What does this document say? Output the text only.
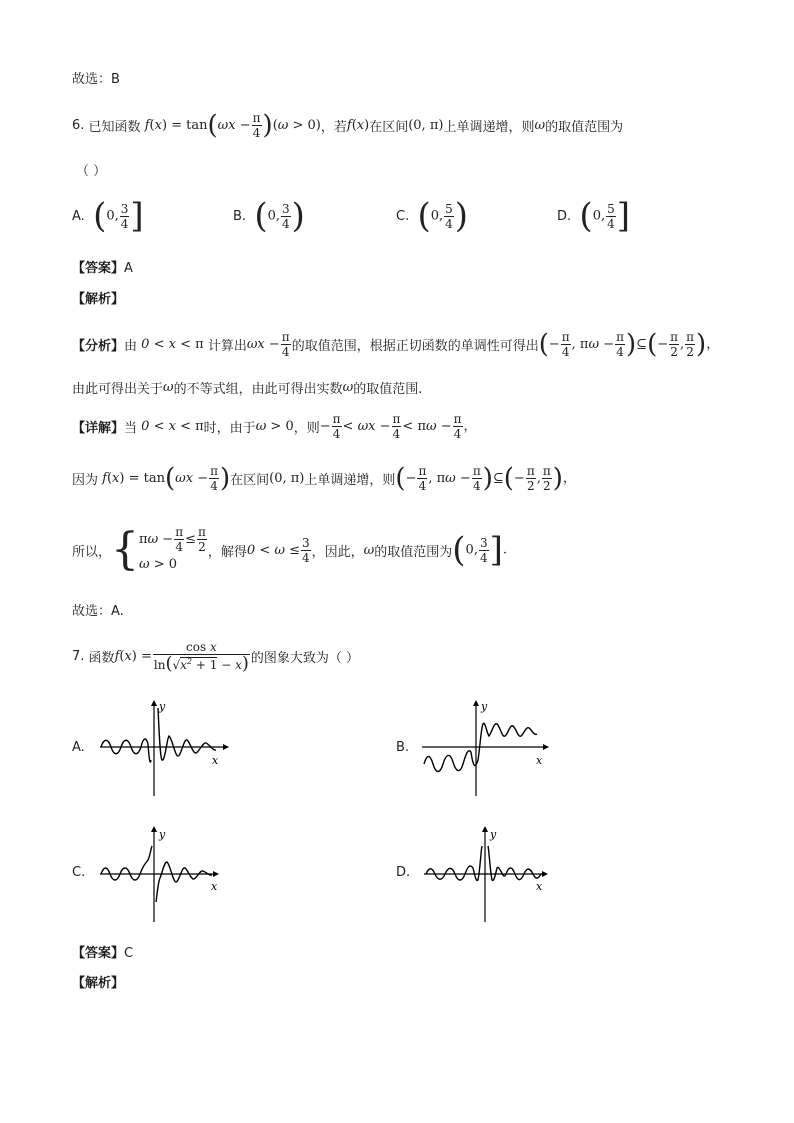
故选：B
6.
已知函数 $f(x) = \tan(\omega x - \frac{\pi}{4} )(\omega > 0)$ ，若 f(x) 在区间 (0, π) 上单调递增，则 ω 的取值范围为
（ ）
A.
(0, $\frac{3}{4}$ ]	B.
(0, $\frac{3}{4}$ )	C.
(0, $\frac{5}{4}$ )	D.
(0, $\frac{5}{4}$ ]
【答案】A
【解析】
【分析】 由 0 < x < π 计算出 $\omega x - \frac{\pi}{4}$ 的取值范围，根据正切函数的单调性可得出 (− $\frac{\pi}{4}$ , $\pi\omega - \frac{\pi}{4}$ )⊆(− $\frac{\pi}{2}$ , $\frac{\pi}{2}$ )，
由此可得出关于 ω 的不等式组，由此可得出实数 ω 的取值范围.
【详解】 当 0 < x < π 时，由于 ω > 0 ，则 − $\frac{\pi}{4} < \omega x - \frac{\pi}{4} < \pi\omega - \frac{\pi}{4}$ ，
因为 $f(x) = \tan(\omega x - \frac{\pi}{4}$ ) 在区间 (0, π) 上单调递增，则 (− $\frac{\pi}{4}$ , $\pi\omega - \frac{\pi}{4}$ )⊆(− $\frac{\pi}{2}$ , $\frac{\pi}{2}$ )，
所以， { $\pi\omega - \frac{\pi}{4} \le \frac{\pi}{2}$
ω > 0
，解得 $0 < \omega \le \frac{3}{4}$ ，因此， ω 的取值范围为 (0, $\frac{3}{4}$ ].
故选：A.
7.
函数 $f(x) = \frac{\text{cos x}}{\ln(√x^2 + 1 - x)}$ 的图象大致为（ ）
A.
y
x
B.
y
x
C.
y
x
D.
y
x
【答案】C
【解析】
